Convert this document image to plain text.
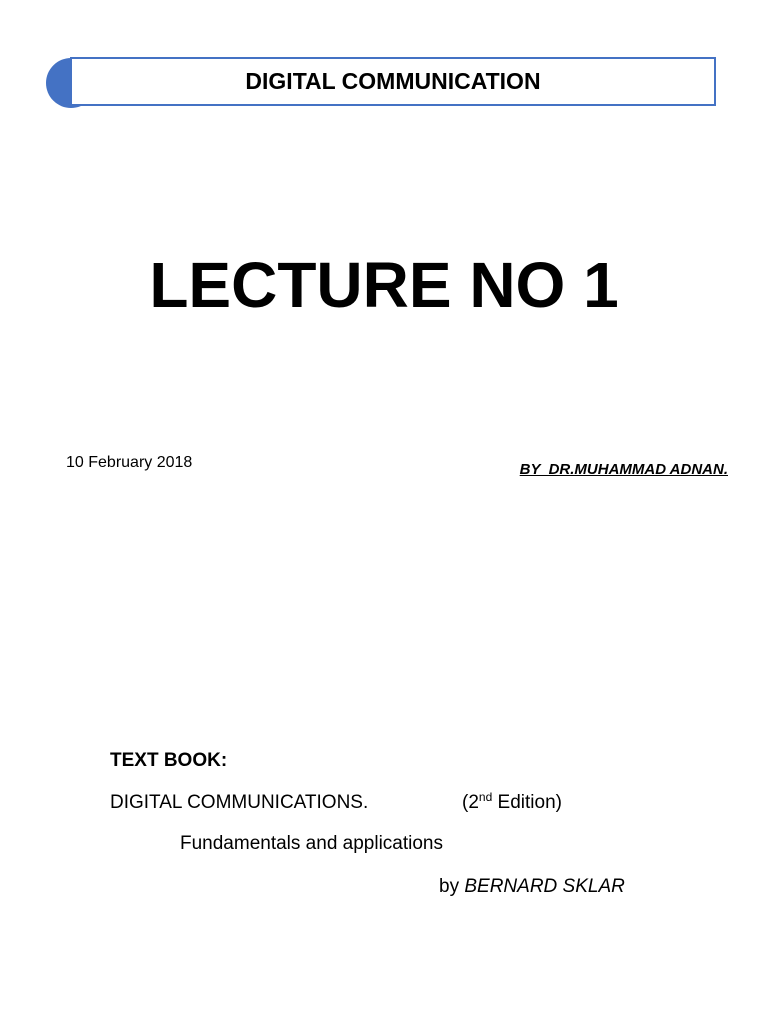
DIGITAL COMMUNICATION
LECTURE NO 1
10 February 2018	BY  DR.MUHAMMAD ADNAN.
TEXT BOOK:
DIGITAL COMMUNICATIONS.	(2nd Edition)
Fundamentals and applications
by BERNARD SKLAR
